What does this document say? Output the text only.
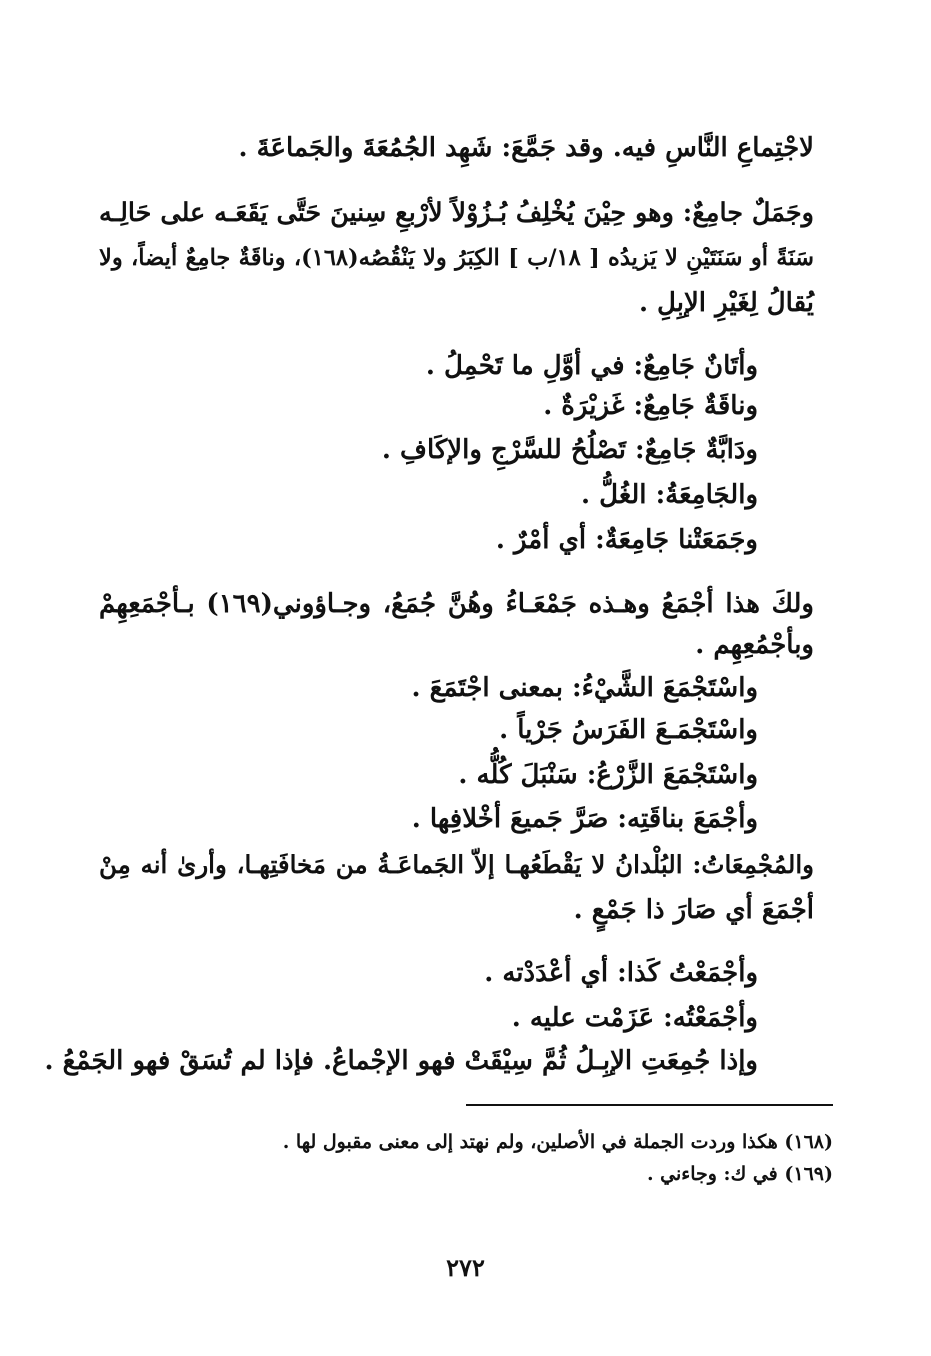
لاجْتِماعِ النَّاسِ فيه. وقد جَمَّعَ: شَهِد الجُمُعَةَ والجَماعَةَ .
وجَمَلٌ جامِعٌ: وهو حِيْنَ يُخْلِفُ بُـزُوْلاً لأرْبعِ سِنينَ حَتَّى يَقَعَـه على حَالِـه
سَنَةً أو سَنَتَيْنِ لا يَزيدُه [ ١٨/ب ] الكِبَرُ ولا يَنْقُصُه(١٦٨)، وناقَةٌ جامِعٌ أيضاً، ولا
يُقالُ لِغَيْرِ الإبِلِ .
وأتَانٌ جَامِعٌ: في أوَّلِ ما تَحْمِلُ .
وناقَةٌ جَامِعٌ: غَزيْرَةٌ .
ودَابَّةٌ جَامِعٌ: تَصْلُحُ للسَّرْجِ والإكَافِ .
والجَامِعَةُ: الغُلُّ .
وجَمَعَتْنا جَامِعَةٌ: أي أمْرٌ .
ولكَ هذا أجْمَعُ وهـذه جَمْعَـاءُ وهُنَّ جُمَعُ، وجـاؤوني(١٦٩) بـأجْمَعِهِمْ
وبأجْمُعِهِم .
واسْتَجْمَعَ الشَّيْءُ: بمعنى اجْتَمَعَ .
واسْتَجْمَـعَ الفَرَسُ جَرْياً .
واسْتَجْمَعَ الزَّرْعُ: سَنْبَلَ كُلُّه .
وأجْمَعَ بناقَتِه: صَرَّ جَميعَ أخْلافِها .
والمُجْمِعَاتُ: البُلْدانُ لا يَقْطَعُهـا إلاّ الجَماعَـةُ من مَخافَتِهـا، وأرىٰ أنه مِنْ
أجْمَعَ أي صَارَ ذا جَمْعٍ .
وأجْمَعْتُ كَذا: أي أعْدَدْته .
وأجْمَعْتُه: عَزَمْت عليه .
وإذا جُمِعَتِ الإبِـلُ ثُمَّ سِيْقَتْ فهو الإجْماعُ. فإذا لم تُسَقْ فهو الجَمْعُ .
(١٦٨) هكذا وردت الجملة في الأصلين، ولم نهتد إلى معنى مقبول لها .
(١٦٩) في ك: وجاءني .
٢٧٢
